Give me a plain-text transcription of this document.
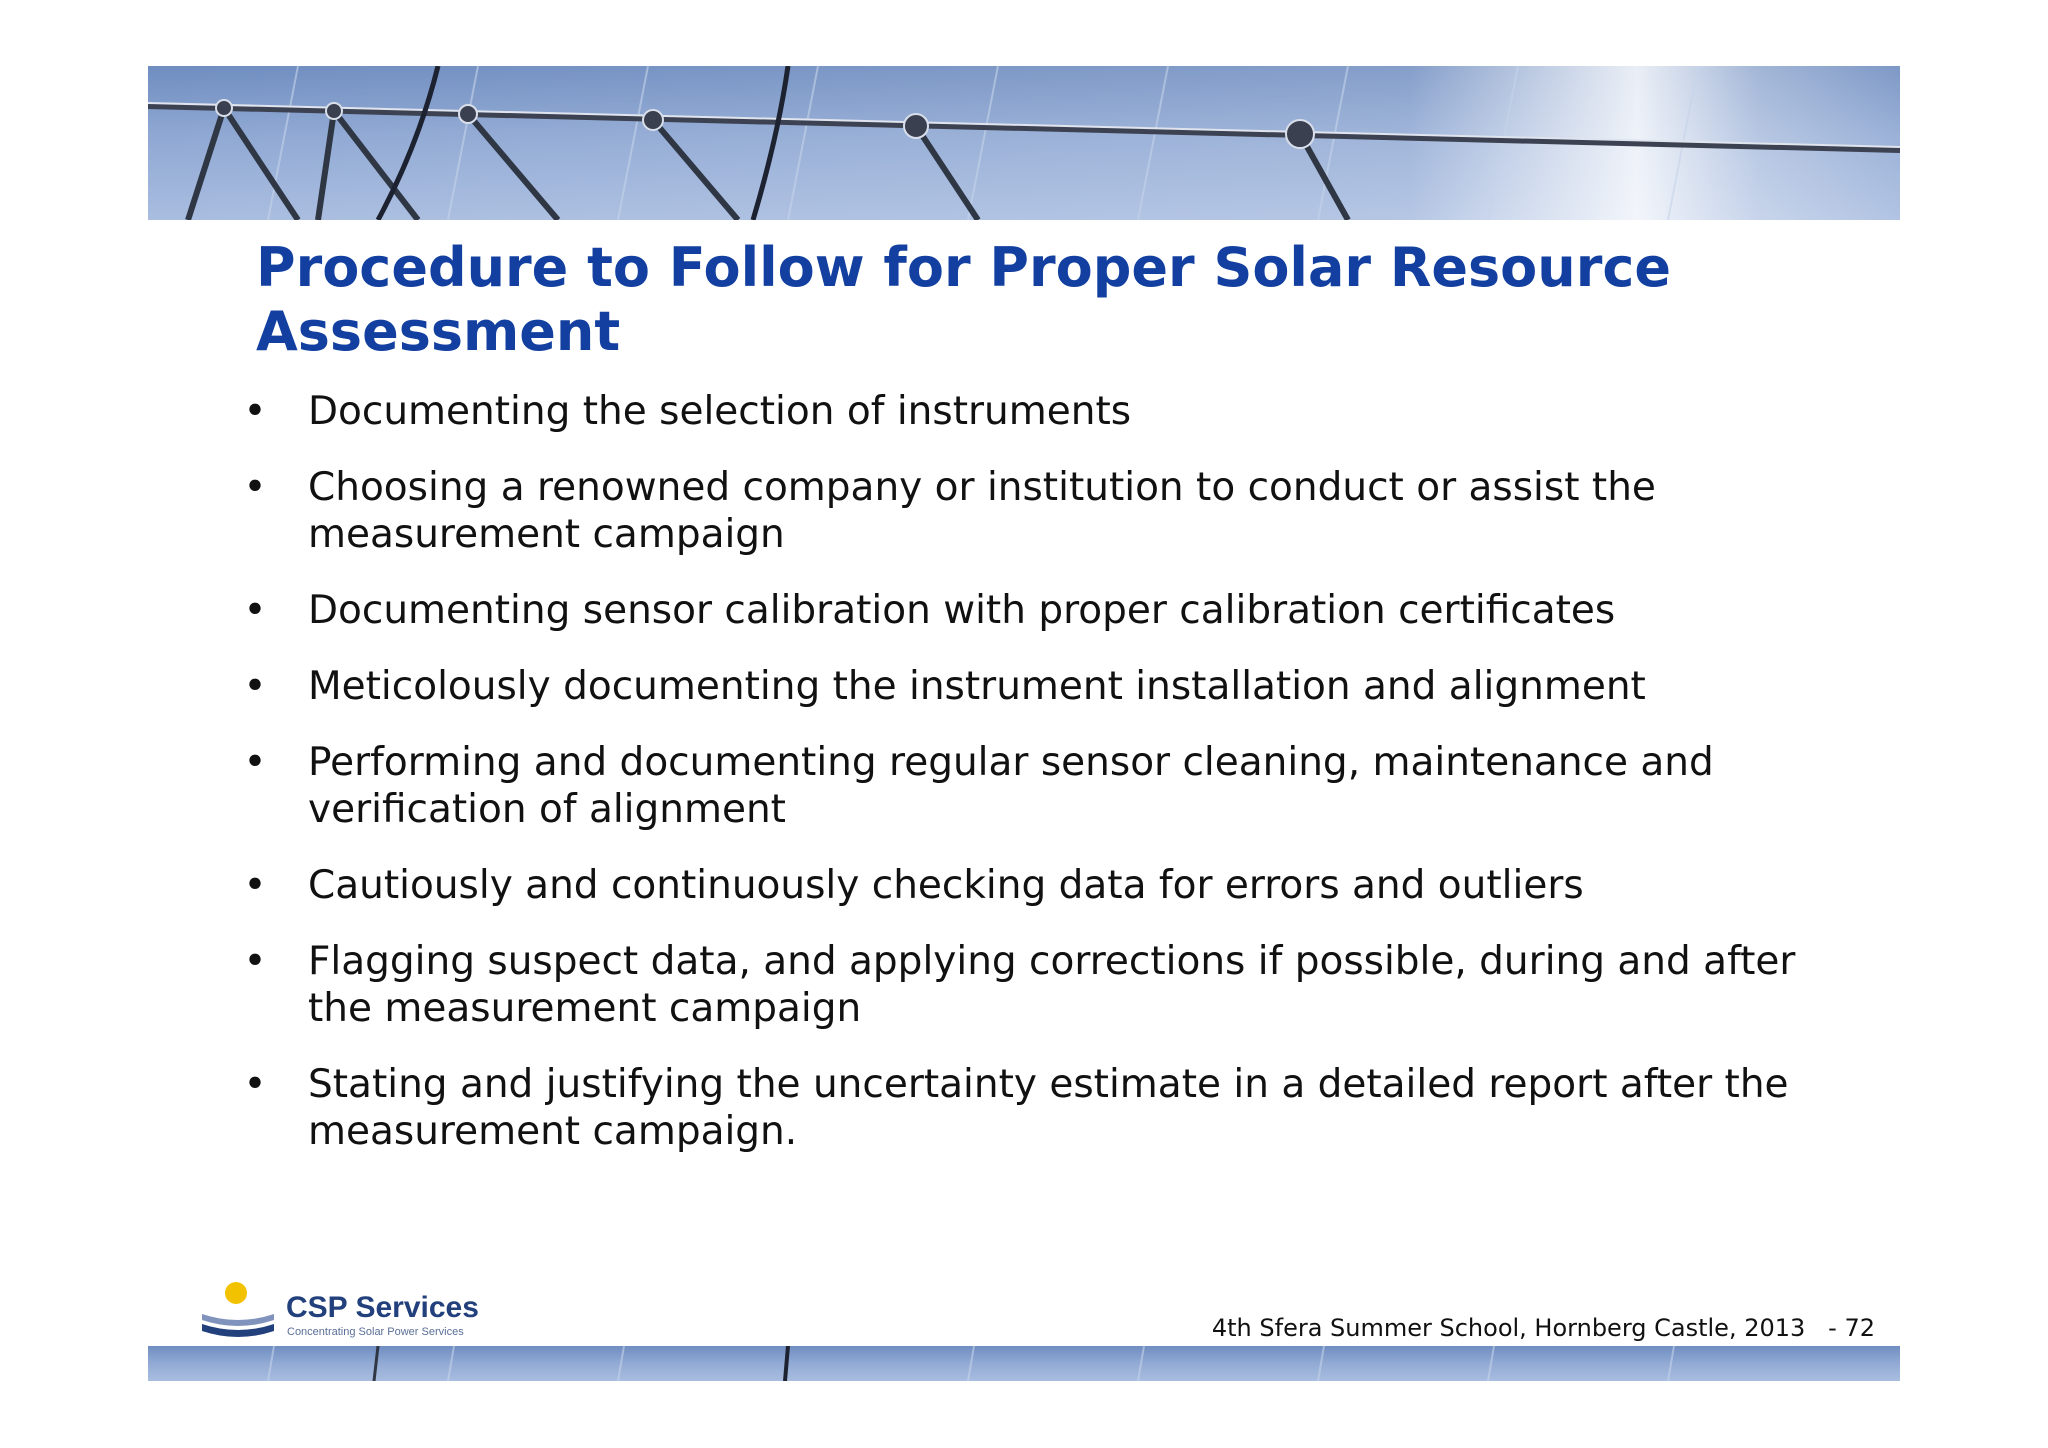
Procedure to Follow for Proper Solar Resource Assessment
• Documenting the selection of instruments
• Choosing a renowned company or institution to conduct or assist the measurement campaign
• Documenting sensor calibration with proper calibration certificates
• Meticolously documenting the instrument installation and alignment
• Performing and documenting regular sensor cleaning, maintenance and verification of alignment
• Cautiously and continuously checking data for errors and outliers
• Flagging suspect data, and applying corrections if possible, during and after the measurement campaign
• Stating and justifying the uncertainty estimate in a detailed report after the measurement campaign.
CSP Services
Concentrating Solar Power Services	4th Sfera Summer School, Hornberg Castle, 2013   - 72
